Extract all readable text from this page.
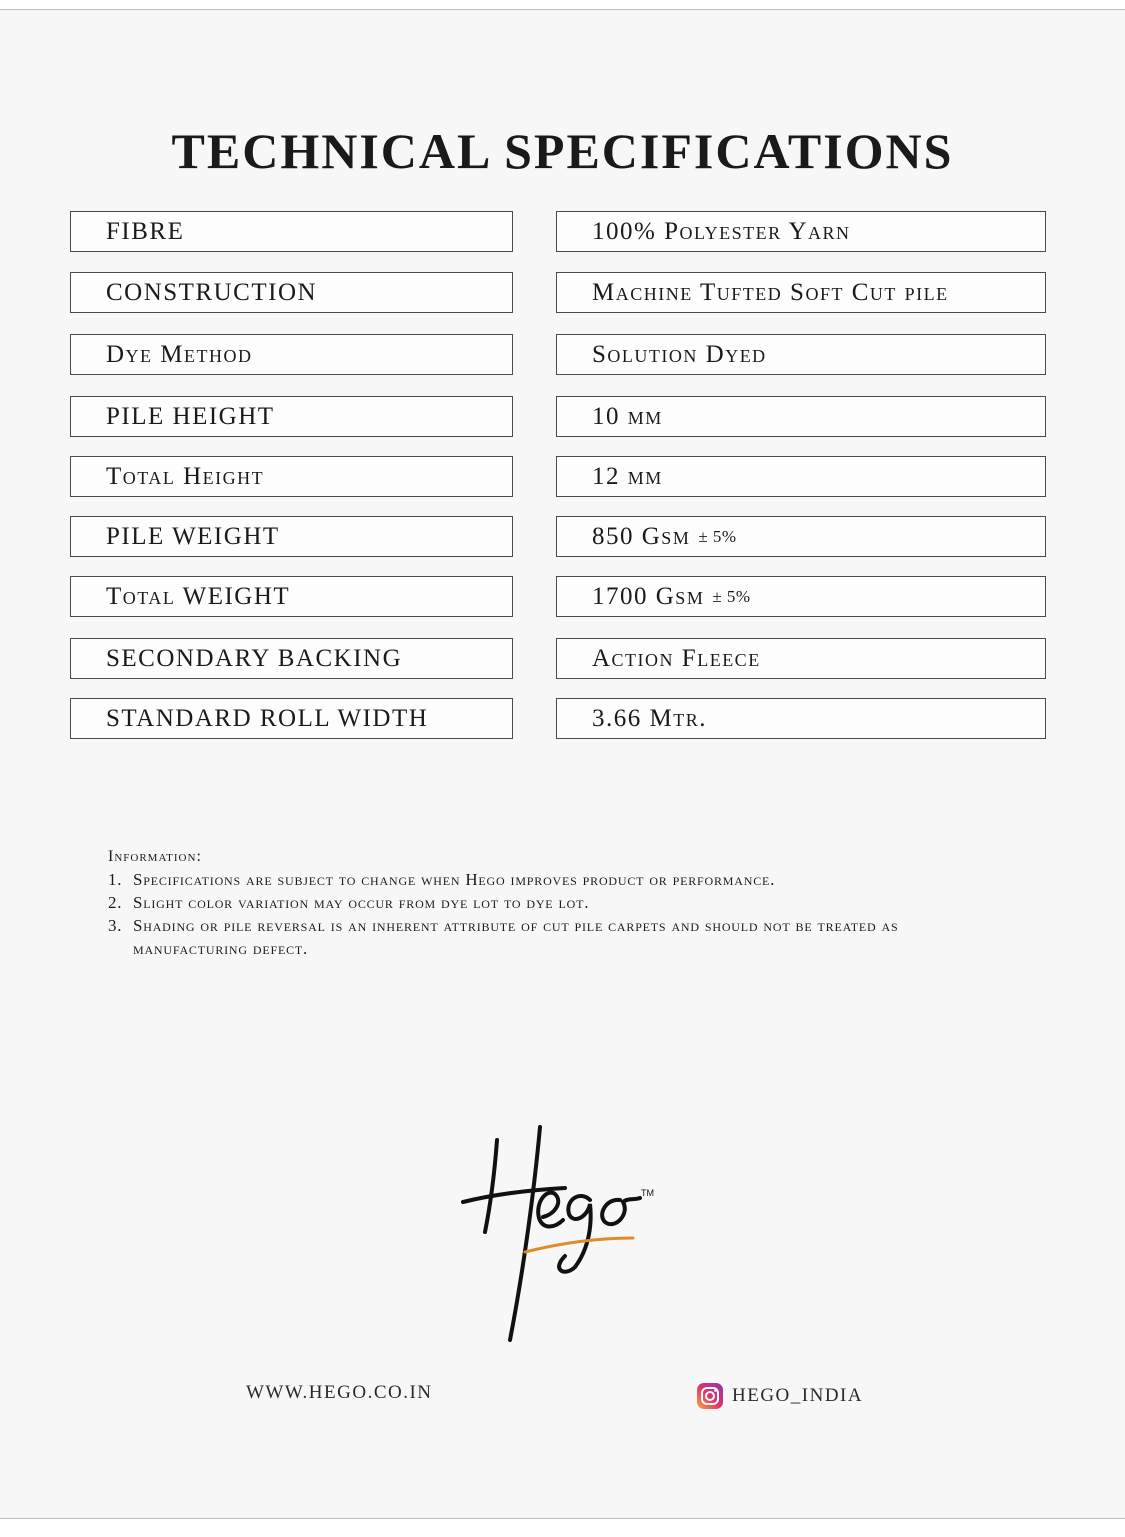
TECHNICAL SPECIFICATIONS
FIBRE	100% Polyester Yarn
CONSTRUCTION	Machine Tufted Soft Cut pile
Dye Method	Solution Dyed
PILE HEIGHT	10 mm
Total Height	12 mm
PILE WEIGHT	850 Gsm ± 5%
Total WEIGHT	1700 Gsm ± 5%
SECONDARY BACKING	Action Fleece
STANDARD ROLL WIDTH	3.66 Mtr.
Information:
1. Specifications are subject to change when Hego improves product or performance.
2. Slight color variation may occur from dye lot to dye lot.
3. Shading or pile reversal is an inherent attribute of cut pile carpets and should not be treated as manufacturing defect.
TM
WWW.HEGO.CO.IN	HEGO_INDIA
